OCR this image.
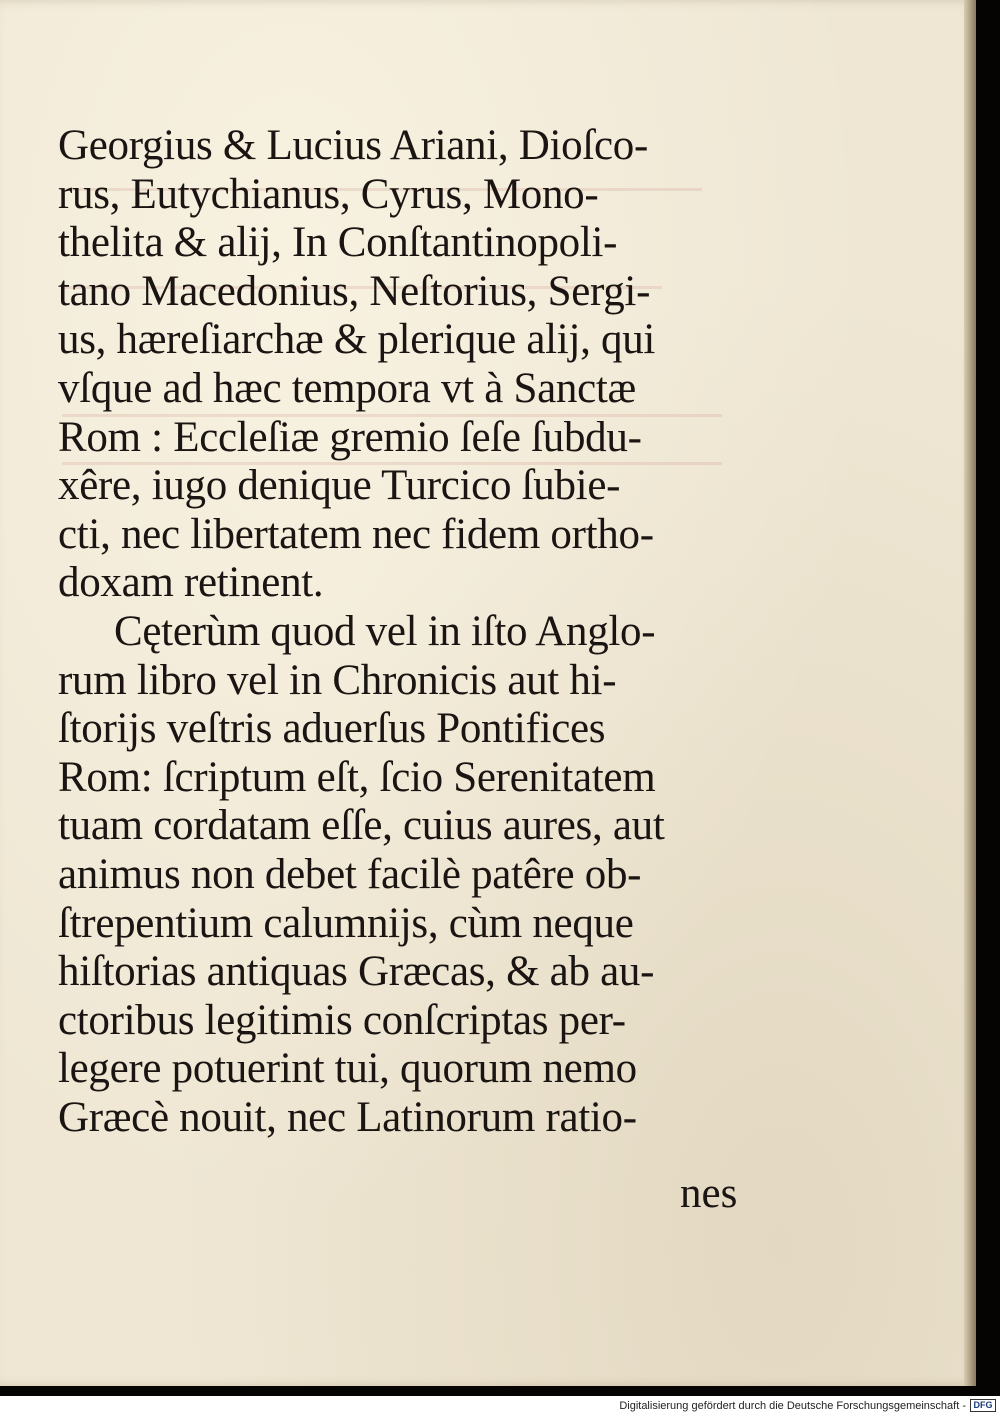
Georgius & Lucius Ariani, Dioſco-
rus, Eutychianus, Cyrus, Mono-
thelita & alij, In Conſtantinopoli-
tano Macedonius, Neſtorius, Sergi-
us, hæreſiarchæ & plerique alij, qui
vſque ad hæc tempora vt à Sanctæ
Rom : Eccleſiæ gremio ſeſe ſubdu-
xêre, iugo denique Turcico ſubie-
cti, nec libertatem nec fidem ortho-
doxam retinent.
Cęterùm quod vel in iſto Anglo-
rum libro vel in Chronicis aut hi-
ſtorijs veſtris aduerſus Pontifices
Rom: ſcriptum eſt, ſcio Serenitatem
tuam cordatam eſſe, cuius aures, aut
animus non debet facilè patêre ob-
ſtrepentium calumnijs, cùm neque
hiſtorias antiquas Græcas, & ab au-
ctoribus legitimis conſcriptas per-
legere potuerint tui, quorum nemo
Græcè nouit, nec Latinorum ratio-
nes
Digitalisierung gefördert durch die Deutsche Forschungsgemeinschaft - DFG
